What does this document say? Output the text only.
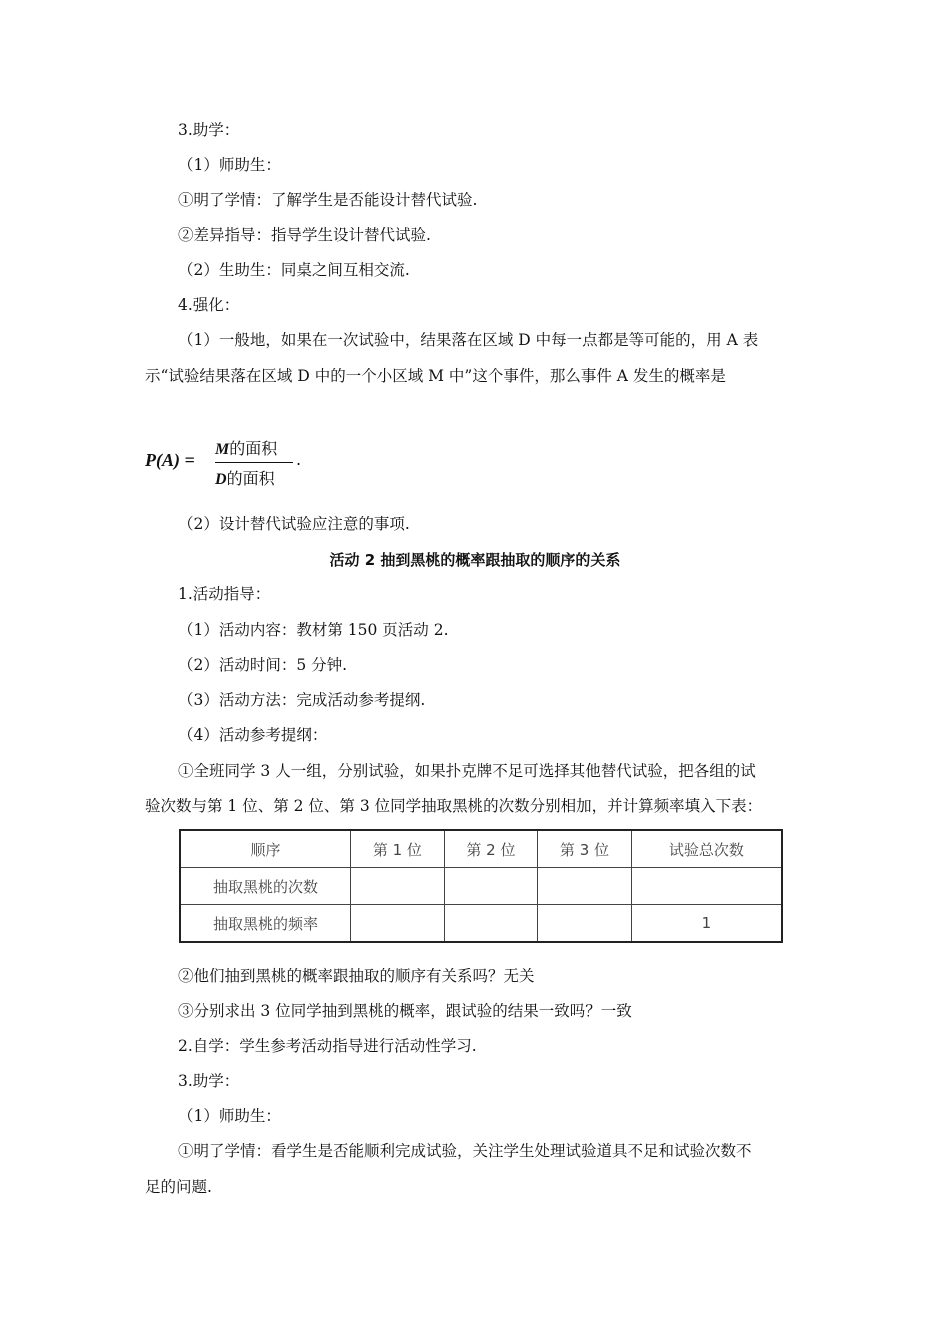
3.助学：
（1）师助生：
①明了学情：了解学生是否能设计替代试验.
②差异指导：指导学生设计替代试验.
（2）生助生：同桌之间互相交流.
4.强化：
（1）一般地，如果在一次试验中，结果落在区域 D 中每一点都是等可能的，用 A 表
示“试验结果落在区域 D 中的一个小区域 M 中”这个事件，那么事件 A 发生的概率是
P(A) =
M的面积
D的面积
.
（2）设计替代试验应注意的事项.
活动 2 抽到黑桃的概率跟抽取的顺序的关系
1.活动指导：
（1）活动内容：教材第 150 页活动 2.
（2）活动时间：5 分钟.
（3）活动方法：完成活动参考提纲.
（4）活动参考提纲：
①全班同学 3 人一组，分别试验，如果扑克牌不足可选择其他替代试验，把各组的试
验次数与第 1 位、第 2 位、第 3 位同学抽取黑桃的次数分别相加，并计算频率填入下表：
顺序	第 1 位	第 2 位	第 3 位	试验总次数
抽取黑桃的次数				
抽取黑桃的频率				1
②他们抽到黑桃的概率跟抽取的顺序有关系吗？无关
③分别求出 3 位同学抽到黑桃的概率，跟试验的结果一致吗？一致
2.自学：学生参考活动指导进行活动性学习.
3.助学：
（1）师助生：
①明了学情：看学生是否能顺利完成试验，关注学生处理试验道具不足和试验次数不
足的问题.
